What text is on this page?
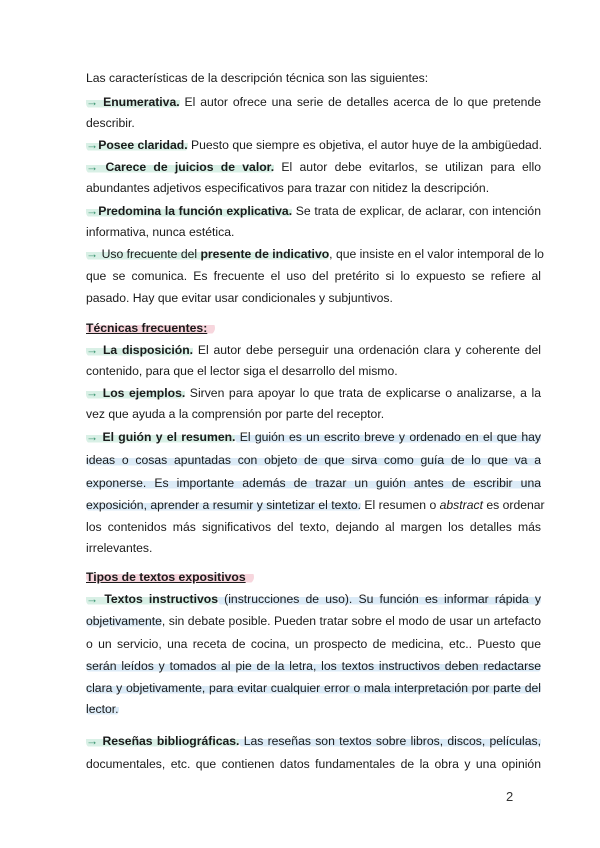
Las características de la descripción técnica son las siguientes:
→ Enumerativa. El autor ofrece una serie de detalles acerca de lo que pretende
describir.
→Posee claridad. Puesto que siempre es objetiva, el autor huye de la ambigüedad.
→ Carece de juicios de valor. El autor debe evitarlos, se utilizan para ello
abundantes adjetivos especificativos para trazar con nitidez la descripción.
→Predomina la función explicativa. Se trata de explicar, de aclarar, con intención
informativa, nunca estética.
→ Uso frecuente del presente de indicativo, que insiste en el valor intemporal de lo
que se comunica. Es frecuente el uso del pretérito si lo expuesto se refiere al
pasado. Hay que evitar usar condicionales y subjuntivos.
Técnicas frecuentes:
→ La disposición. El autor debe perseguir una ordenación clara y coherente del
contenido, para que el lector siga el desarrollo del mismo.
→ Los ejemplos. Sirven para apoyar lo que trata de explicarse o analizarse, a la
vez que ayuda a la comprensión por parte del receptor.
→ El guión y el resumen. El guión es un escrito breve y ordenado en el que hay
ideas o cosas apuntadas con objeto de que sirva como guía de lo que va a
exponerse. Es importante además de trazar un guión antes de escribir una
exposición, aprender a resumir y sintetizar el texto. El resumen o abstract es ordenar
los contenidos más significativos del texto, dejando al margen los detalles más
irrelevantes.
Tipos de textos expositivos
→ Textos instructivos (instrucciones de uso). Su función es informar rápida y
objetivamente, sin debate posible. Pueden tratar sobre el modo de usar un artefacto
o un servicio, una receta de cocina, un prospecto de medicina, etc.. Puesto que
serán leídos y tomados al pie de la letra, los textos instructivos deben redactarse
clara y objetivamente, para evitar cualquier error o mala interpretación por parte del
lector.
→ Reseñas bibliográficas. Las reseñas son textos sobre libros, discos, películas,
documentales, etc. que contienen datos fundamentales de la obra y una opinión
2
